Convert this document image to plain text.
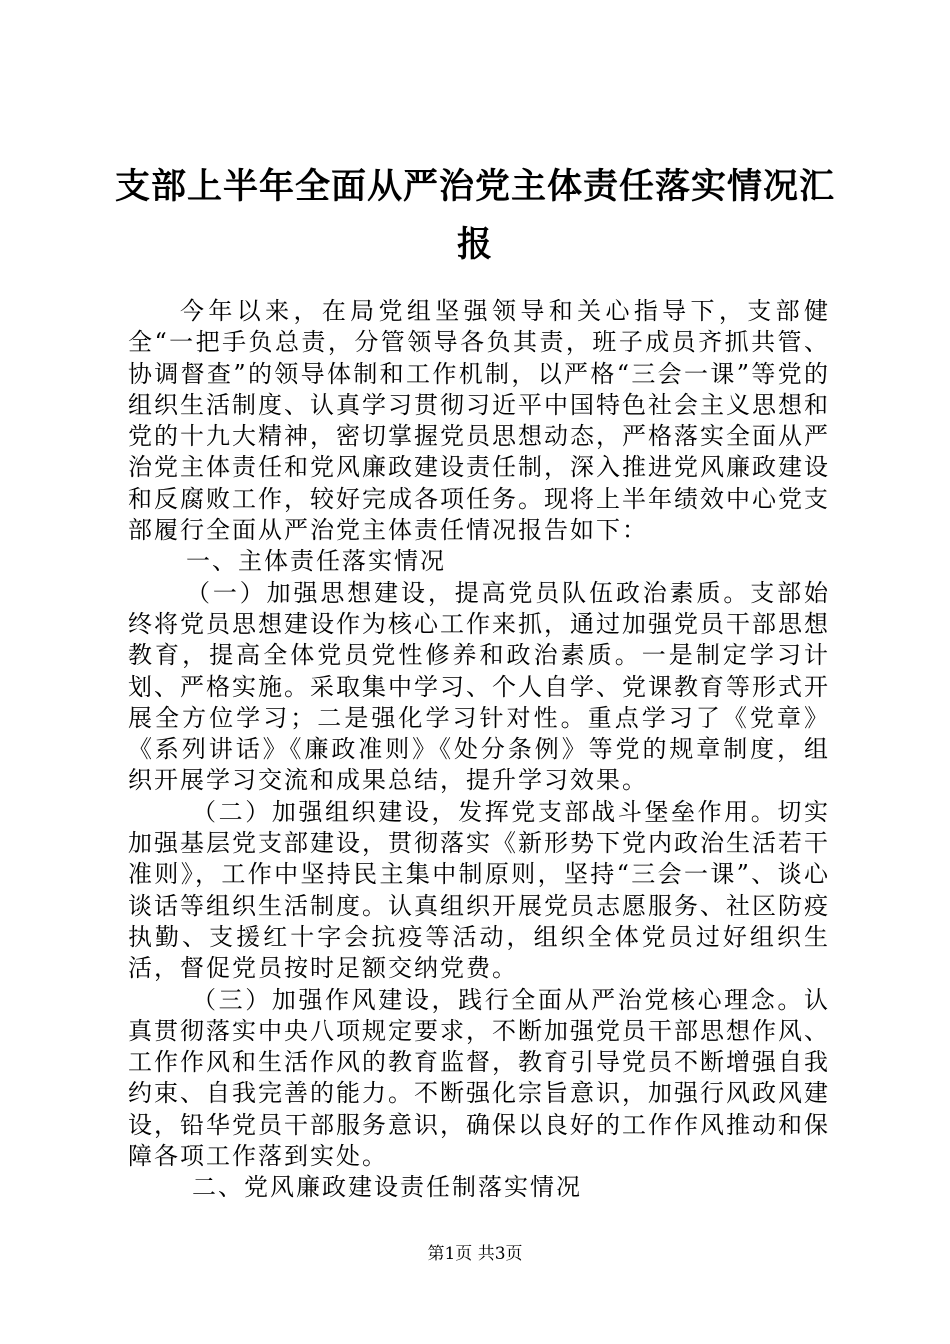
支部上半年全面从严治党主体责任落实情况汇报

今年以来，在局党组坚强领导和关心指导下，支部健全“一把手负总责，分管领导各负其责，班子成员齐抓共管、协调督查”的领导体制和工作机制，以严格“三会一课”等党的组织生活制度、认真学习贯彻习近平中国特色社会主义思想和党的十九大精神，密切掌握党员思想动态，严格落实全面从严治党主体责任和党风廉政建设责任制，深入推进党风廉政建设和反腐败工作，较好完成各项任务。现将上半年绩效中心党支部履行全面从严治党主体责任情况报告如下：

一、主体责任落实情况

（一）加强思想建设，提高党员队伍政治素质。支部始终将党员思想建设作为核心工作来抓，通过加强党员干部思想教育，提高全体党员党性修养和政治素质。一是制定学习计划、严格实施。采取集中学习、个人自学、党课教育等形式开展全方位学习；二是强化学习针对性。重点学习了《党章》《系列讲话》《廉政准则》《处分条例》等党的规章制度，组织开展学习交流和成果总结，提升学习效果。

（二）加强组织建设，发挥党支部战斗堡垒作用。切实加强基层党支部建设，贯彻落实《新形势下党内政治生活若干准则》，工作中坚持民主集中制原则，坚持“三会一课”、谈心谈话等组织生活制度。认真组织开展党员志愿服务、社区防疫执勤、支援红十字会抗疫等活动，组织全体党员过好组织生活，督促党员按时足额交纳党费。

（三）加强作风建设，践行全面从严治党核心理念。认真贯彻落实中央八项规定要求，不断加强党员干部思想作风、工作作风和生活作风的教育监督，教育引导党员不断增强自我约束、自我完善的能力。不断强化宗旨意识，加强行风政风建设，铅华党员干部服务意识，确保以良好的工作作风推动和保障各项工作落到实处。

二、党风廉政建设责任制落实情况

第1页 共3页
